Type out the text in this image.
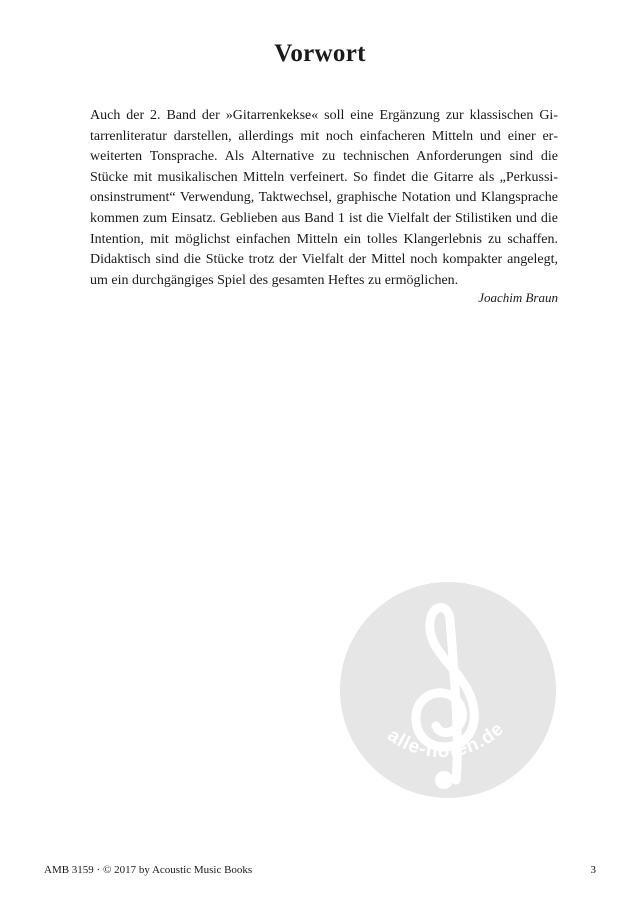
Vorwort

Auch der 2. Band der »Gitarrenkekse« soll eine Ergänzung zur klassischen Gitarrenliteratur darstellen, allerdings mit noch einfacheren Mitteln und einer erweiterten Tonsprache. Als Alternative zu technischen Anforderungen sind die Stücke mit musikalischen Mitteln verfeinert. So findet die Gitarre als „Perkussionsinstrument“ Verwendung, Taktwechsel, graphische Notation und Klangsprache kommen zum Einsatz. Geblieben aus Band 1 ist die Vielfalt der Stilistiken und die Intention, mit möglichst einfachen Mitteln ein tolles Klangerlebnis zu schaffen. Didaktisch sind die Stücke trotz der Vielfalt der Mittel noch kompakter angelegt, um ein durchgängiges Spiel des gesamten Heftes zu ermöglichen.

Joachim Braun

alle-noten.de
AMB 3159 · © 2017 by Acoustic Music Books	3
